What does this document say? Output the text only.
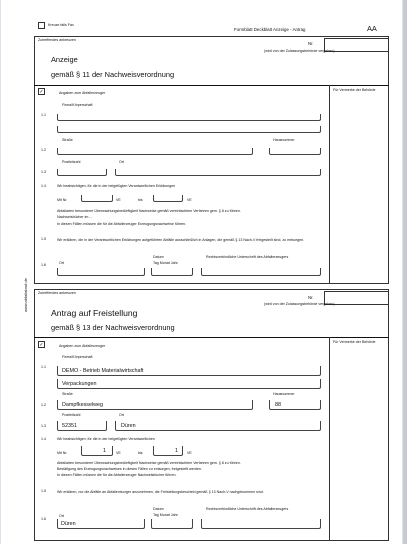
Kreuze falls Fax
Formblatt Deckblatt Anzeige - Antrag	AA
www.abfallabruf.de
Zutreffendes ankreuzen
Nr.
(wird von der Zulassungsbehörde vergeben)
Anzeige
gemäß § 11 der Nachweisverordnung
✓	Angaben zum Abfallerzeuger
Für Vermerke der Behörde
Firma/Körperschaft
1.1
Straße	Hausnummer
1.2
Postleitzahl	Ort
1.3
1.4	Wir beabsichtigen, für die in der beigefügten Verantwortlichen Erklärungen
Mit Nr.	VE	bis	VE
Abfallarten besonderer Überwachungsbedürftigkeit Nachweise gemäß vereinfachtem Verfahren gem. § 8 zu führen.
Nachweisbücher im ...
In diesen Fällen müssen die für die Abfallerzeuger Erzeugungsnachweise führen.
1.5	Wir erklären, die in der Verantwortlichen Erklärungen aufgeführten Abfälle ausschließlich in Anlagen, die gemäß § 13 Nach-V freigestellt sind, zu entsorgen.
Datum
Tag Monat Jahr
Rechtsverbindliche Unterschrift des Abfallerzeugers
1.6	Ort
Zutreffendes ankreuzen
Nr.
(wird von der Zulassungsbehörde vergeben)
Antrag auf Freistellung
gemäß § 13 der Nachweisverordnung
✓	Angaben zum Abfallerzeuger
Für Vermerke der Behörde
Firma/Körperschaft
1.1
DEMO - Betrieb Materialwirtschaft
Verpackungen
Straße	Hausnummer
1.2	Dampfkesselweg	88
Postleitzahl	Ort
1.3	52351	Düren
1.4	Wir beabsichtigen, für die in der beigefügten Verantwortlichen
Mit Nr.	1	VE	bis	1	VE
Abfallarten besonderer Überwachungsbedürftigkeit Nachweise gemäß vereinfachtem Verfahren gem. § 8 zu führen.
Bestätigung des Erzeugungsnachweises in diesen Fällen zu entsorgen, freigestellt werden.
In diesen Fällen müssen die für die Abfallerzeuger Nachweisbücher führen.
1.5	Wir erklären, nur die Abfälle an Abfallentsorger anzunehmen, die Freistellungsbescheid gemäß § 13 Nach-V nachgekommen sind.
Datum
Tag Monat Jahr
Rechtsverbindliche Unterschrift des Abfallerzeugers
1.6
Ort
Düren
